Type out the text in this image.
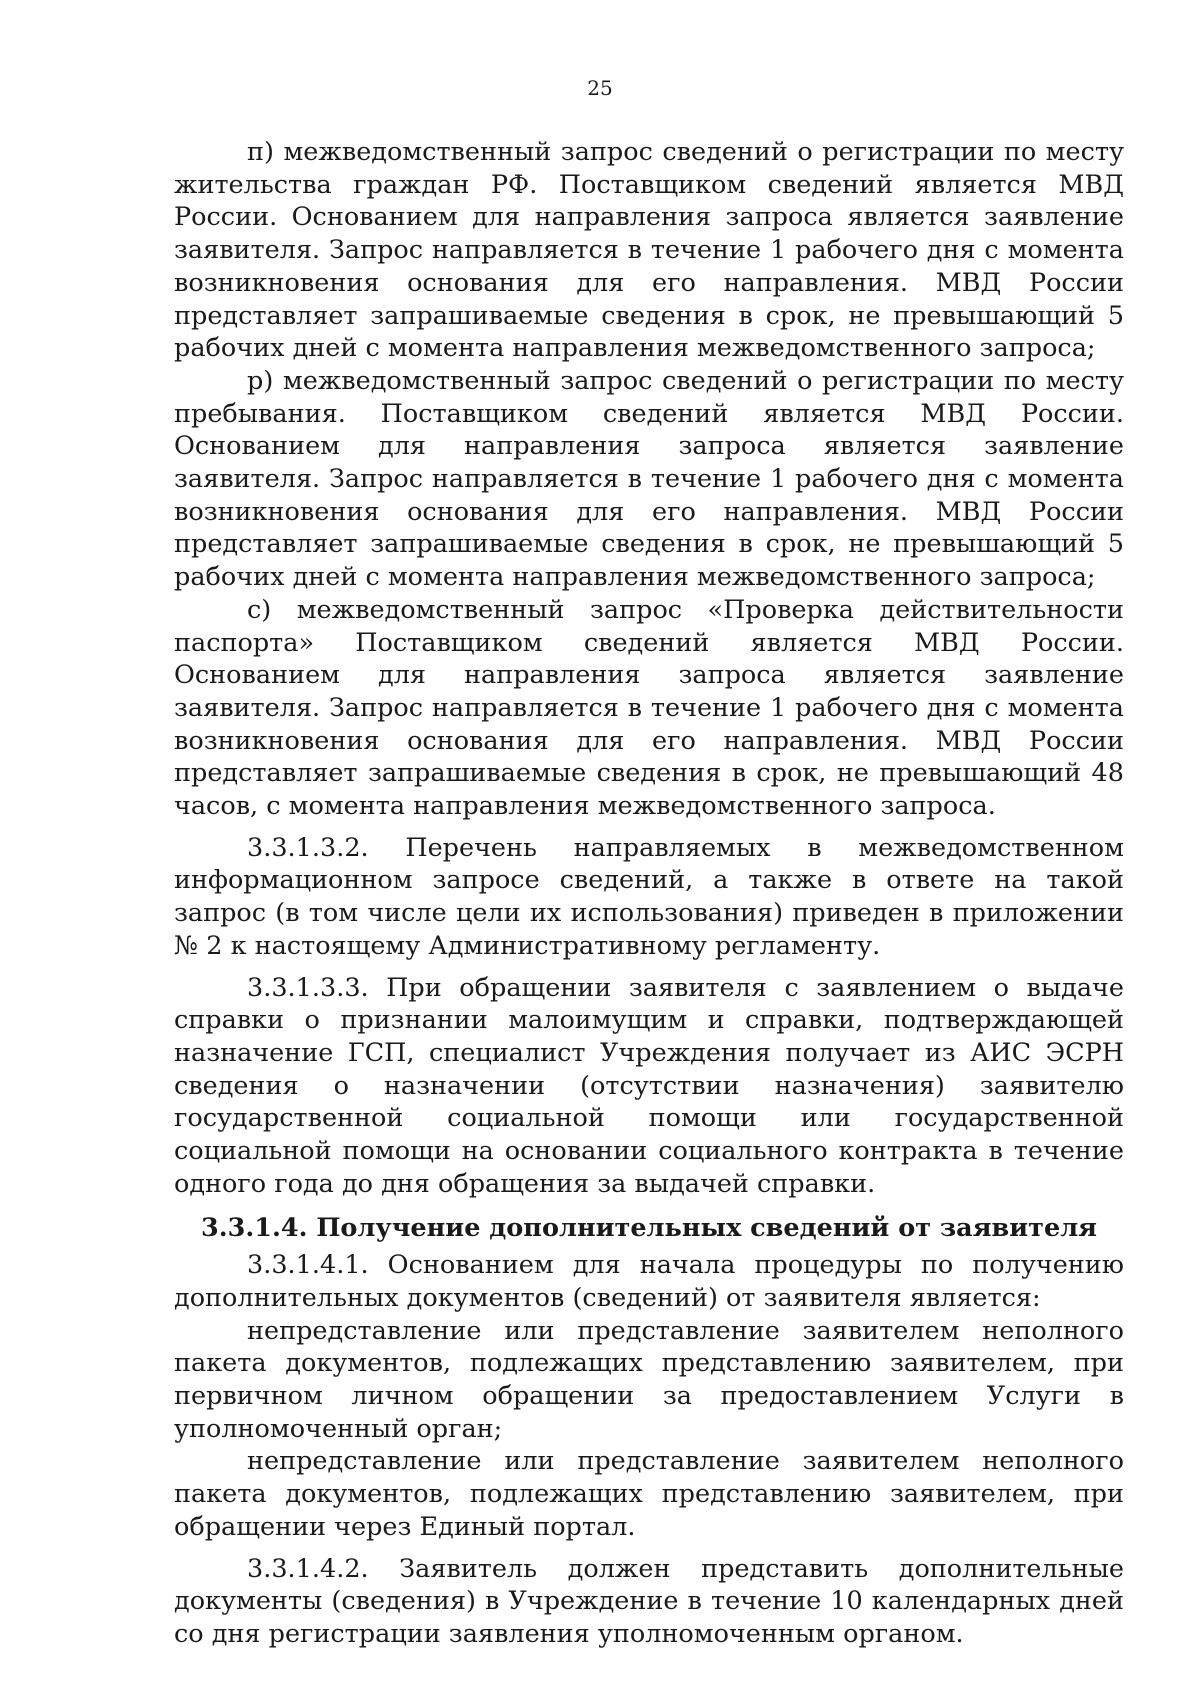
25

п) межведомственный запрос сведений о регистрации по месту жительства граждан РФ. Поставщиком сведений является МВД России. Основанием для направления запроса является заявление заявителя. Запрос направляется в течение 1 рабочего дня с момента возникновения основания для его направления. МВД России представляет запрашиваемые сведения в срок, не превышающий 5 рабочих дней с момента направления межведомственного запроса;

р) межведомственный запрос сведений о регистрации по месту пребывания. Поставщиком сведений является МВД России. Основанием для направления запроса является заявление заявителя. Запрос направляется в течение 1 рабочего дня с момента возникновения основания для его направления. МВД России представляет запрашиваемые сведения в срок, не превышающий 5 рабочих дней с момента направления межведомственного запроса;

с) межведомственный запрос «Проверка действительности паспорта» Поставщиком сведений является МВД России. Основанием для направления запроса является заявление заявителя. Запрос направляется в течение 1 рабочего дня с момента возникновения основания для его направления. МВД России представляет запрашиваемые сведения в срок, не превышающий 48 часов, с момента направления межведомственного запроса.

3.3.1.3.2. Перечень направляемых в межведомственном информационном запросе сведений, а также в ответе на такой запрос (в том числе цели их использования) приведен в приложении № 2 к настоящему Административному регламенту.

3.3.1.3.3. При обращении заявителя с заявлением о выдаче справки о признании малоимущим и справки, подтверждающей назначение ГСП, специалист Учреждения получает из АИС ЭСРН сведения о назначении (отсутствии назначения) заявителю государственной социальной помощи или государственной социальной помощи на основании социального контракта в течение одного года до дня обращения за выдачей справки.

3.3.1.4. Получение дополнительных сведений от заявителя

3.3.1.4.1. Основанием для начала процедуры по получению дополнительных документов (сведений) от заявителя является:

непредставление или представление заявителем неполного пакета документов, подлежащих представлению заявителем, при первичном личном обращении за предоставлением Услуги в уполномоченный орган;

непредставление или представление заявителем неполного пакета документов, подлежащих представлению заявителем, при обращении через Единый портал.

3.3.1.4.2. Заявитель должен представить дополнительные документы (сведения) в Учреждение в течение 10 календарных дней со дня регистрации заявления уполномоченным органом.
